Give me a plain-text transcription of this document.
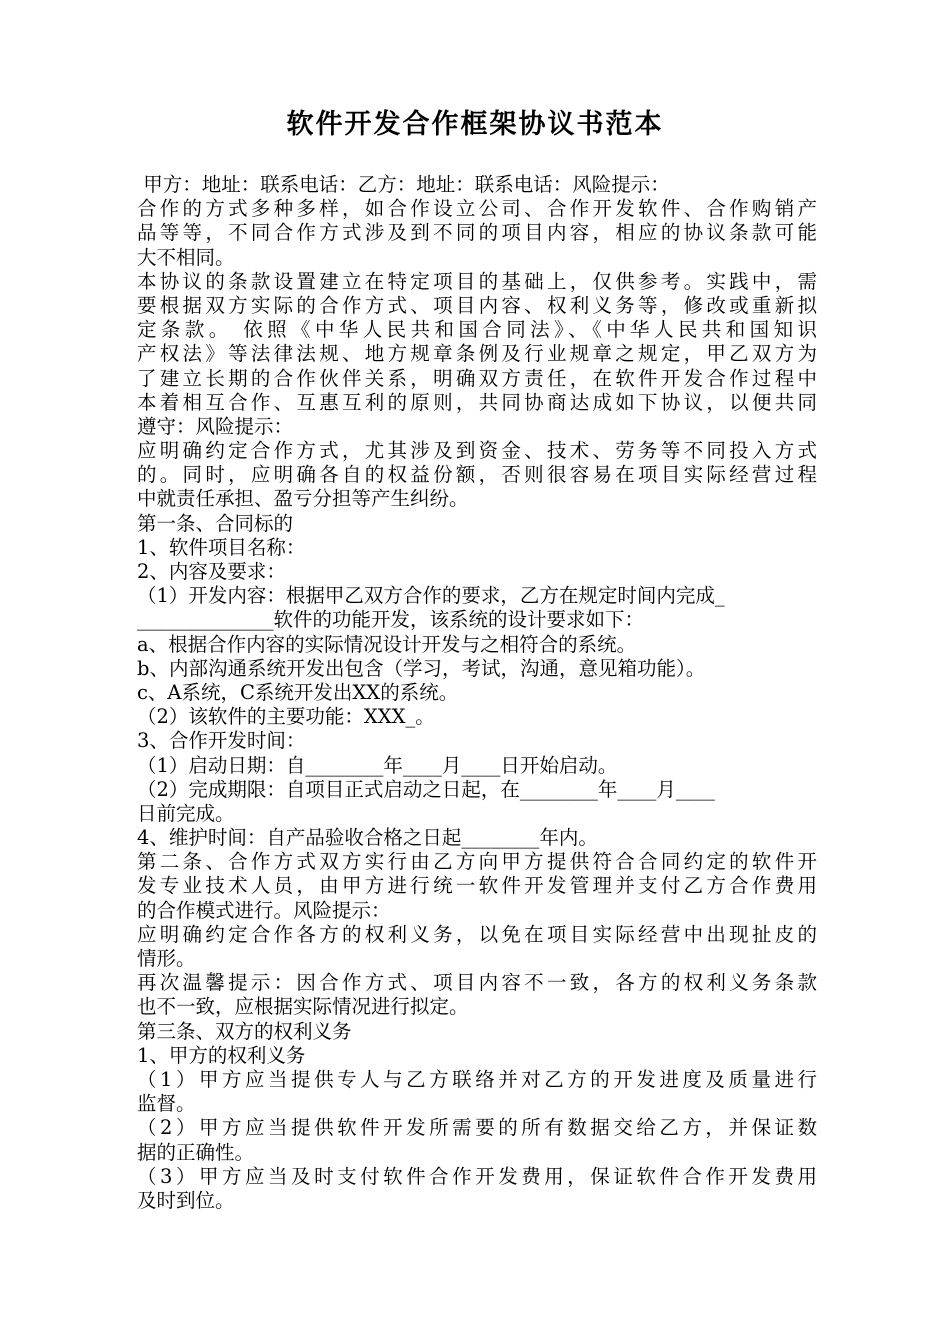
软件开发合作框架协议书范本
甲方：地址：联系电话：乙方：地址：联系电话：风险提示：
合作的方式多种多样，如合作设立公司、合作开发软件、合作购销产
品等等，不同合作方式涉及到不同的项目内容，相应的协议条款可能
大不相同。
本协议的条款设置建立在特定项目的基础上，仅供参考。实践中，需
要根据双方实际的合作方式、项目内容、权利义务等，修改或重新拟
定条款。 依照《中华人民共和国合同法》、《中华人民共和国知识
产权法》等法律法规、地方规章条例及行业规章之规定，甲乙双方为
了建立长期的合作伙伴关系，明确双方责任，在软件开发合作过程中
本着相互合作、互惠互利的原则，共同协商达成如下协议，以便共同
遵守：风险提示：
应明确约定合作方式，尤其涉及到资金、技术、劳务等不同投入方式
的。同时，应明确各自的权益份额，否则很容易在项目实际经营过程
中就责任承担、盈亏分担等产生纠纷。
第一条、合同标的
1、软件项目名称：
2、内容及要求：
（1）开发内容：根据甲乙双方合作的要求，乙方在规定时间内完成_
______________软件的功能开发，该系统的设计要求如下：
a、根据合作内容的实际情况设计开发与之相符合的系统。
b、内部沟通系统开发出包含（学习，考试，沟通，意见箱功能）。
c、A系统，C系统开发出XX的系统。
（2）该软件的主要功能：XXX_。
3、合作开发时间：
（1）启动日期：自________年____月____日开始启动。
（2）完成期限：自项目正式启动之日起，在________年____月____
日前完成。
4、维护时间：自产品验收合格之日起________年内。
第二条、合作方式双方实行由乙方向甲方提供符合合同约定的软件开
发专业技术人员，由甲方进行统一软件开发管理并支付乙方合作费用
的合作模式进行。风险提示：
应明确约定合作各方的权利义务，以免在项目实际经营中出现扯皮的
情形。
再次温馨提示：因合作方式、项目内容不一致，各方的权利义务条款
也不一致，应根据实际情况进行拟定。
第三条、双方的权利义务
1、甲方的权利义务
（1）甲方应当提供专人与乙方联络并对乙方的开发进度及质量进行
监督。
（2）甲方应当提供软件开发所需要的所有数据交给乙方，并保证数
据的正确性。
（3）甲方应当及时支付软件合作开发费用，保证软件合作开发费用
及时到位。
